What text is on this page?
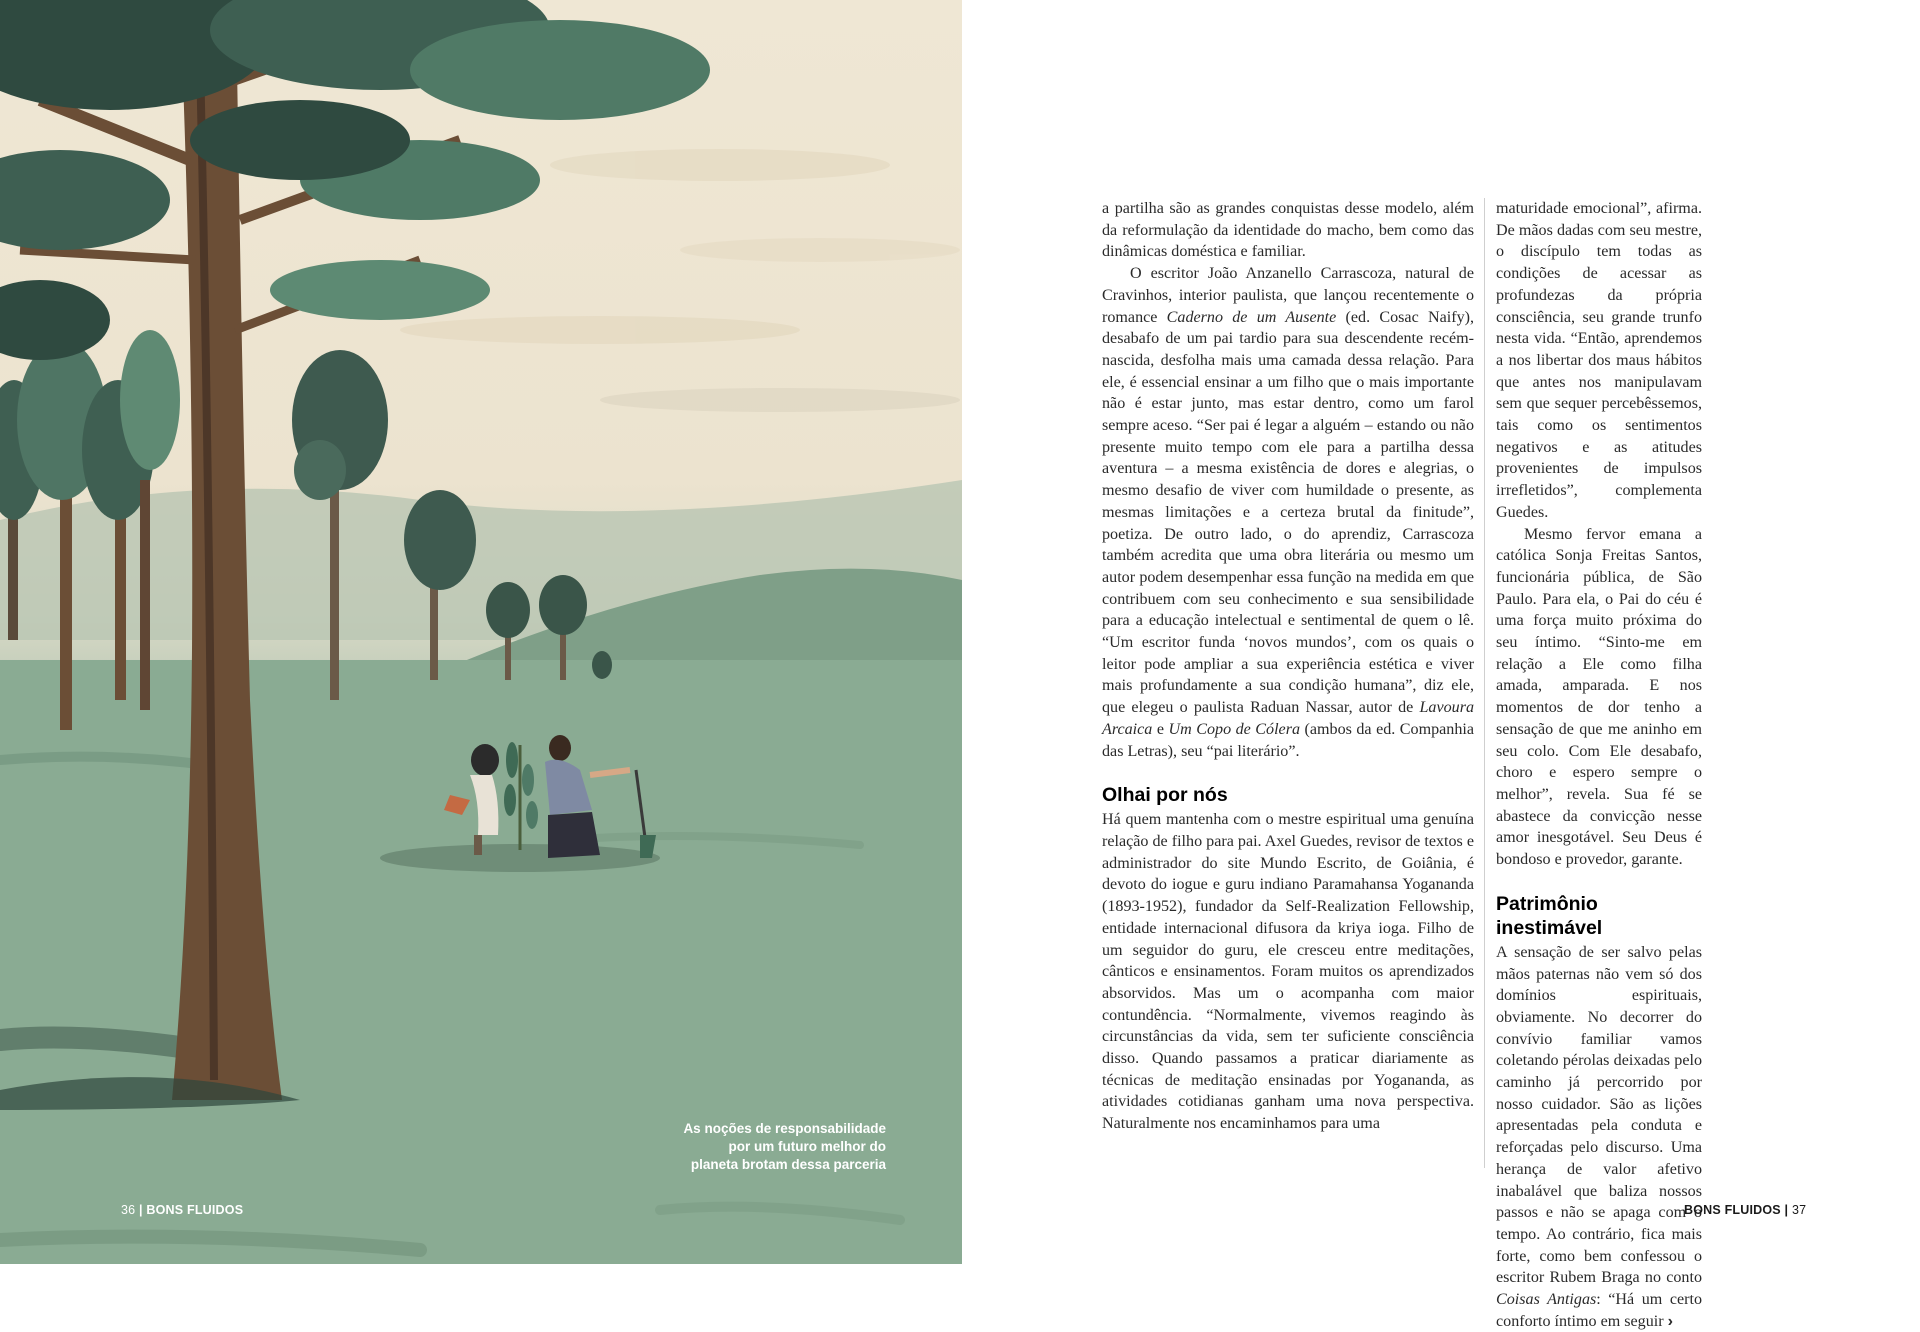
As noções de responsabilidade
por um futuro melhor do
planeta brotam dessa parceria
36 | BONS FLUIDOS

a partilha são as grandes conquistas desse modelo, além da reformulação da identidade do macho, bem como das dinâmicas doméstica e familiar.

O escritor João Anzanello Carrascoza, natural de Cravinhos, interior paulista, que lançou recentemente o romance Caderno de um Ausente (ed. Cosac Naify), desabafo de um pai tardio para sua descendente recém-nascida, desfolha mais uma camada dessa relação. Para ele, é essencial ensinar a um filho que o mais importante não é estar junto, mas estar dentro, como um farol sempre aceso. “Ser pai é legar a alguém – estando ou não presente muito tempo com ele para a partilha dessa aventura – a mesma existência de dores e alegrias, o mesmo desafio de viver com humildade o presente, as mesmas limitações e a certeza brutal da finitude”, poetiza. De outro lado, o do aprendiz, Carrascoza também acredita que uma obra literária ou mesmo um autor podem desempenhar essa função na medida em que contribuem com seu conhecimento e sua sensibilidade para a educação intelectual e sentimental de quem o lê. “Um escritor funda ‘novos mundos’, com os quais o leitor pode ampliar a sua experiência estética e viver mais profundamente a sua condição humana”, diz ele, que elegeu o paulista Raduan Nassar, autor de Lavoura Arcaica e Um Copo de Cólera (ambos da ed. Companhia das Letras), seu “pai literário”.

Olhai por nós

Há quem mantenha com o mestre espiritual uma genuína relação de filho para pai. Axel Guedes, revisor de textos e administrador do site Mundo Escrito, de Goiânia, é devoto do iogue e guru indiano Paramahansa Yogananda (1893-1952), fundador da Self-Realization Fellowship, entidade internacional difusora da kriya ioga. Filho de um seguidor do guru, ele cresceu entre meditações, cânticos e ensinamentos. Foram muitos os aprendizados absorvidos. Mas um o acompanha com maior contundência. “Normalmente, vivemos reagindo às circunstâncias da vida, sem ter suficiente consciência disso. Quando passamos a praticar diariamente as técnicas de meditação ensinadas por Yogananda, as atividades cotidianas ganham uma nova perspectiva. Naturalmente nos encaminhamos para uma

maturidade emocional”, afirma. De mãos dadas com seu mestre, o discípulo tem todas as condições de acessar as profundezas da própria consciência, seu grande trunfo nesta vida. “Então, aprendemos a nos libertar dos maus hábitos que antes nos manipulavam sem que sequer percebêssemos, tais como os sentimentos negativos e as atitudes provenientes de impulsos irrefletidos”, complementa Guedes.

Mesmo fervor emana a católica Sonja Freitas Santos, funcionária pública, de São Paulo. Para ela, o Pai do céu é uma força muito próxima do seu íntimo. “Sinto-me em relação a Ele como filha amada, amparada. E nos momentos de dor tenho a sensação de que me aninho em seu colo. Com Ele desabafo, choro e espero sempre o melhor”, revela. Sua fé se abastece da convicção nesse amor inesgotável. Seu Deus é bondoso e provedor, garante.

Patrimônio inestimável

A sensação de ser salvo pelas mãos paternas não vem só dos domínios espirituais, obviamente. No decorrer do convívio familiar vamos coletando pérolas deixadas pelo caminho já percorrido por nosso cuidador. São as lições apresentadas pela conduta e reforçadas pelo discurso. Uma herança de valor afetivo inabalável que baliza nossos passos e não se apaga com o tempo. Ao contrário, fica mais forte, como bem confessou o escritor Rubem Braga no conto Coisas Antigas: “Há um certo conforto íntimo em seguir ›

BONS FLUIDOS | 37
